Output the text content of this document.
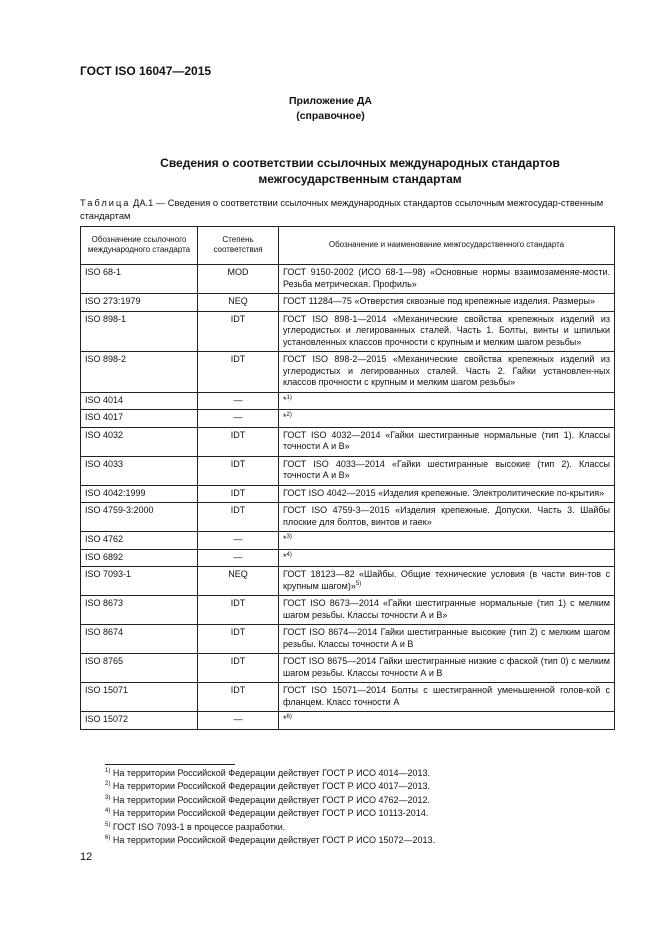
ГОСТ ISO 16047—2015
Приложение ДА
(справочное)
Сведения о соответствии ссылочных международных стандартов
межгосударственным стандартам
Таблица ДА.1 — Сведения о соответствии ссылочных международных стандартов ссылочным межгосудар-ственным стандартам
Обозначение ссылочного международного стандарта	Степень соответствия	Обозначение и наименование межгосударственного стандарта
ISO 68-1	MOD	ГОСТ 9150-2002 (ИСО 68-1—98) «Основные нормы взаимозаменяе-мости. Резьба метрическая. Профиль»
ISO 273:1979	NEQ	ГОСТ 11284—75 «Отверстия сквозные под крепежные изделия. Размеры»
ISO 898-1	IDT	ГОСТ ISO 898-1—2014 «Механические свойства крепежных изделий из углеродистых и легированных сталей. Часть 1. Болты, винты и шпильки установленных классов прочности с крупным и мелким шагом резьбы»
ISO 898-2	IDT	ГОСТ ISO 898-2—2015 «Механические свойства крепежных изделий из углеродистых и легированных сталей. Часть 2. Гайки установлен-ных классов прочности с крупным и мелким шагом резьбы»
ISO 4014	—	*$^{1)}$
ISO 4017	—	*$^{2)}$
ISO 4032	IDT	ГОСТ ISO 4032—2014 «Гайки шестигранные нормальные (тип 1). Классы точности А и В»
ISO 4033	IDT	ГОСТ ISO 4033—2014 «Гайки шестигранные высокие (тип 2). Классы точности А и В»
ISO 4042:1999	IDT	ГОСТ ISO 4042—2015 «Изделия крепежные. Электролитические по-крытия»
ISO 4759-3:2000	IDT	ГОСТ ISO 4759-3—2015 «Изделия крепежные. Допуски. Часть 3. Шайбы плоские для болтов, винтов и гаек»
ISO 4762	—	*$^{3)}$
ISO 6892	—	*$^{4)}$
ISO 7093-1	NEQ	ГОСТ 18123—82 «Шайбы. Общие технические условия (в части вин-тов с крупным шагом)»$^{5)}$
ISO 8673	IDT	ГОСТ ISO 8673—2014 «Гайки шестигранные нормальные (тип 1) с мелким шагом резьбы. Классы точности А и В»
ISO 8674	IDT	ГОСТ ISO 8674—2014 Гайки шестигранные высокие (тип 2) с мелким шагом резьбы. Классы точности А и В
ISO 8765	IDT	ГОСТ ISO 8675—2014 Гайки шестигранные низкие с фаской (тип 0) с мелким шагом резьбы. Классы точности А и В
ISO 15071	IDT	ГОСТ ISO 15071—2014 Болты с шестигранной уменьшенной голов-кой с фланцем. Класс точности А
ISO 15072	—	*$^{6)}$
$^{1)}$ На территории Российской Федерации действует ГОСТ Р ИСО 4014—2013.
$^{2)}$ На территории Российской Федерации действует ГОСТ Р ИСО 4017—2013.
$^{3)}$ На территории Российской Федерации действует ГОСТ Р ИСО 4762—2012.
$^{4)}$ На территории Российской Федерации действует ГОСТ Р ИСО 10113-2014.
$^{5)}$ ГОСТ ISO 7093-1 в процессе разработки.
$^{6)}$ На территории Российской Федерации действует ГОСТ Р ИСО 15072—2013.
12
